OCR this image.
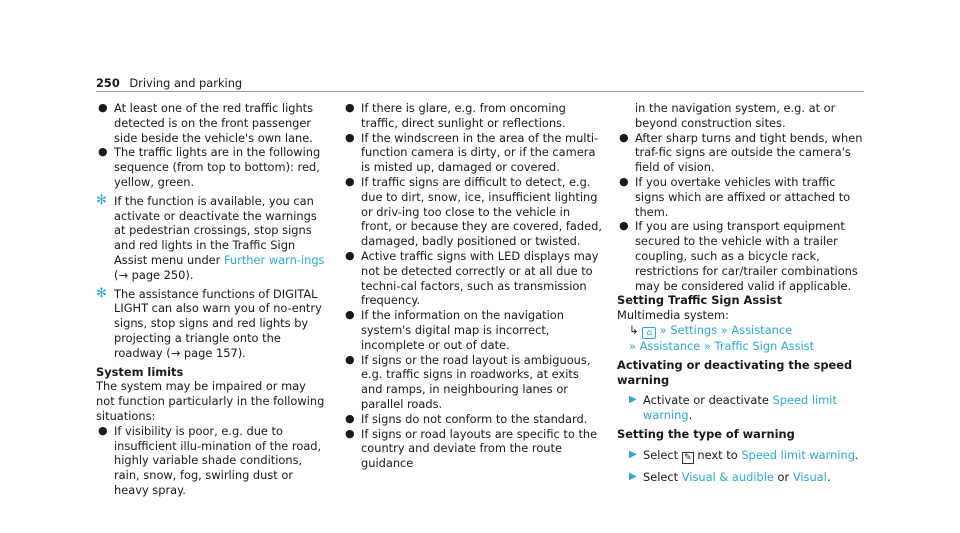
250 Driving and parking
● At least one of the red traffic lights detected is on the front passenger side beside the vehicle's own lane.
● The traffic lights are in the following sequence (from top to bottom): red, yellow, green.
✻ If the function is available, you can activate or deactivate the warnings at pedestrian crossings, stop signs and red lights in the Traffic Sign Assist menu under Further warn-ings (→ page 250).
✻ The assistance functions of DIGITAL LIGHT can also warn you of no-entry signs, stop signs and red lights by projecting a triangle onto the roadway (→ page 157).
System limits
The system may be impaired or may not function particularly in the following situations:
● If visibility is poor, e.g. due to insufficient illu-mination of the road, highly variable shade conditions, rain, snow, fog, swirling dust or heavy spray.
● If there is glare, e.g. from oncoming traffic, direct sunlight or reflections.
● If the windscreen in the area of the multi-function camera is dirty, or if the camera is misted up, damaged or covered.
● If traffic signs are difficult to detect, e.g. due to dirt, snow, ice, insufficient lighting or driv-ing too close to the vehicle in front, or because they are covered, faded, damaged, badly positioned or twisted.
● Active traffic signs with LED displays may not be detected correctly or at all due to techni-cal factors, such as transmission frequency.
● If the information on the navigation system's digital map is incorrect, incomplete or out of date.
● If signs or the road layout is ambiguous, e.g. traffic signs in roadworks, at exits and ramps, in neighbouring lanes or parallel roads.
● If signs do not conform to the standard.
● If signs or road layouts are specific to the country and deviate from the route guidance
in the navigation system, e.g. at or beyond construction sites.
● After sharp turns and tight bends, when traf-fic signs are outside the camera's field of vision.
● If you overtake vehicles with traffic signs which are affixed or attached to them.
● If you are using transport equipment secured to the vehicle with a trailer coupling, such as a bicycle rack, restrictions for car/trailer combinations may be considered valid if applicable.
Setting Traffic Sign Assist
Multimedia system:
↳ ⌂ » Settings » Assistance
» Assistance » Traffic Sign Assist
Activating or deactivating the speed warning
▶ Activate or deactivate Speed limit warning.
Setting the type of warning
▶ Select ✎ next to Speed limit warning.
▶ Select Visual & audible or Visual.
